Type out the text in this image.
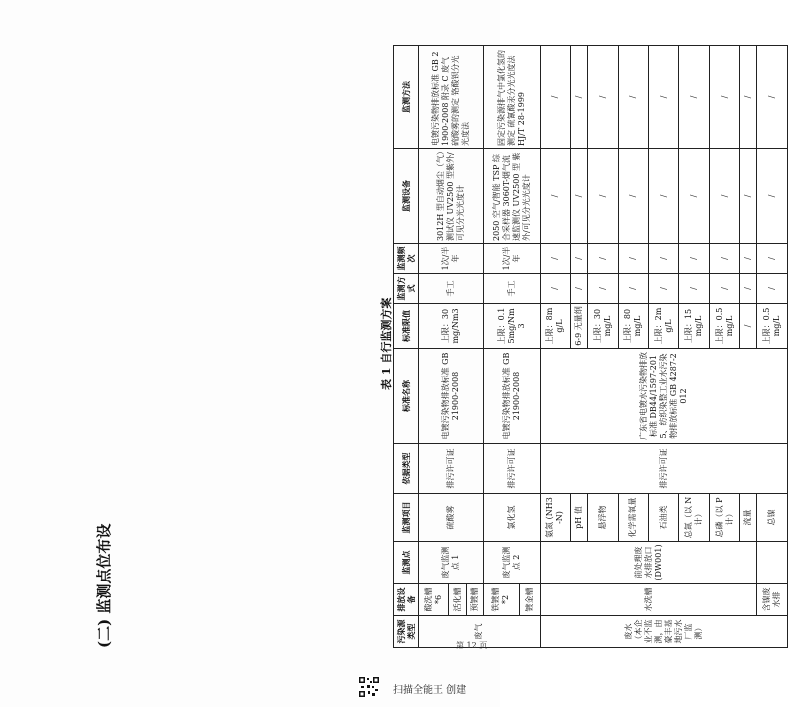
(二) 监测点位布设
表 1 自行监测方案
污染源类型	排放设备	监测点	监测项目	依据类型	标准名称	标准限值	监测方式	监测频次	监测设备	监测方法
废气	酸洗槽 *6	废气监测点 1	硫酸雾	排污许可证	电镀污染物排放标准 GB 21900-2008	上限：30mg/Nm3	手工	1次/半年	3012H 型自动烟尘（气）测试仪 UV2500 型紫外/可见分光光度计	电镀污染物排放标准 GB 21900-2008 附录 C 废气 硫酸雾的测定 铬酸钡分光光度法
	活化槽									
	预镀槽									
	铁镀槽 *2	废气监测点 2	氯化氢	排污许可证	电镀污染物排放标准 GB 21900-2008	上限：0.15mg/Nm3	手工	1次/半年	2050 空气/智能 TSP 综合采样器 3060T-烟气流速监测仪 UV2500 型 紫外/可见分光光度计	固定污染源排气中氯化氢的测定 硫氰酸汞分光光度法 HJ/T 28-1999
	镀金槽									
废水（本企业不监测，由豪丰基地污水厂监测）	水洗槽	前处理废水排放口 (DW001)	氨氮 (NH3-N)	排污许可证	广东省电镀水污染物排放标准 DB44/1597-2015、纺织染整工业水污染物排放标准 GB 4287-2012	上限：8mg/L	/	/	/	/
			pH 值			6-9 无量纲	/	/	/	/
			悬浮物			上限：30mg/L	/	/	/	/
			化学需氧量			上限：80mg/L	/	/	/	/
			石油类			上限：2mg/L	/	/	/	/
			总氮（以 N 计）			上限：15mg/L	/	/	/	/
			总磷（以 P 计）			上限：0.5mg/L	/	/	/	/
			流量			/	/	/	/	/
	含镍废水排		总镍			上限：0.5mg/L	/	/	/	/
第 12 页
扫描全能王 创建
